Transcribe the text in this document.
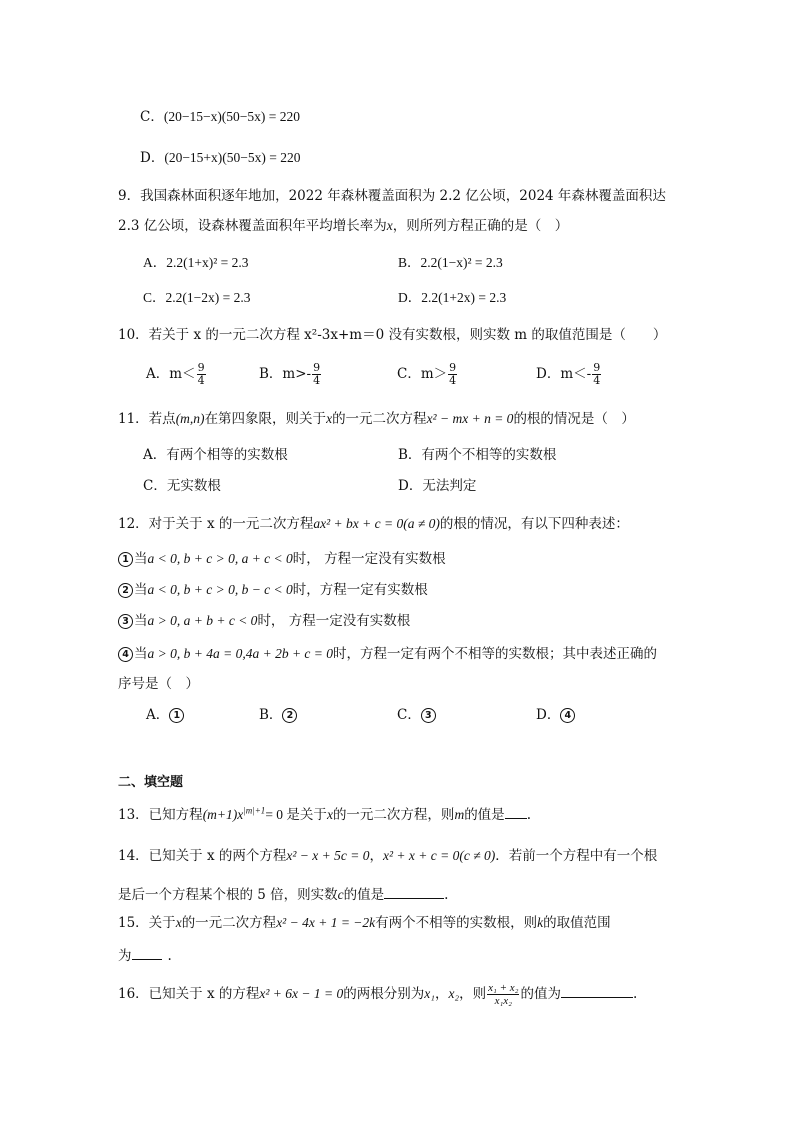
C．(20−15−x)(50−5x) = 220
D．(20−15+x)(50−5x) = 220
9．我国森林面积逐年地加，2022 年森林覆盖面积为 2.2 亿公顷，2024 年森林覆盖面积达
2.3 亿公顷，设森林覆盖面积年平均增长率为x，则所列方程正确的是（　）
A．2.2(1+x)² = 2.3	B．2.2(1−x)² = 2.3
C．2.2(1−2x) = 2.3	D．2.2(1+2x) = 2.3
10．若关于 x 的一元二次方程 x²-3x+m＝0 没有实数根，则实数 m 的取值范围是（　　）
A．$m< \frac{9}{4}$	B．$m>- \frac{9}{4}$	C．$m> \frac{9}{4}$	D．$m<- \frac{9}{4}$
11．若点(m,n)在第四象限，则关于x的一元二次方程x² − mx + n = 0的根的情况是（　）
A．有两个相等的实数根	B．有两个不相等的实数根
C．无实数根	D．无法判定
12．对于关于 x 的一元二次方程ax² + bx + c = 0(a ≠ 0)的根的情况，有以下四种表述：
1 当a < 0, b + c > 0, a + c < 0时， 方程一定没有实数根
2 当a < 0, b + c > 0, b − c < 0时，方程一定有实数根
3 当a > 0, a + b + c < 0时， 方程一定没有实数根
4 当a > 0, b + 4a = 0,4a + 2b + c = 0时，方程一定有两个不相等的实数根；其中表述正确的
序号是（　）
A． 1	B． 2	C． 3	D． 4
二、填空题
13．已知方程$(m+1)x^{|m|+1}= 0$ 是关于x的一元二次方程，则m的值是 .
14．已知关于 x 的两个方程x² − x + 5c = 0，x² + x + c = 0(c ≠ 0)．若前一个方程中有一个根
是后一个方程某个根的 5 倍，则实数c的值是	.
15．关于x的一元二次方程x² − 4x + 1 = −2k有两个不相等的实数根，则k的取值范围
为	.
16．已知关于 x 的方程x² + 6x − 1 = 0的两根分别为x₁，x₂，则 $\frac{\text{x₁ + x₂}}{\text{x₁x₂}}$ 的值为	.
